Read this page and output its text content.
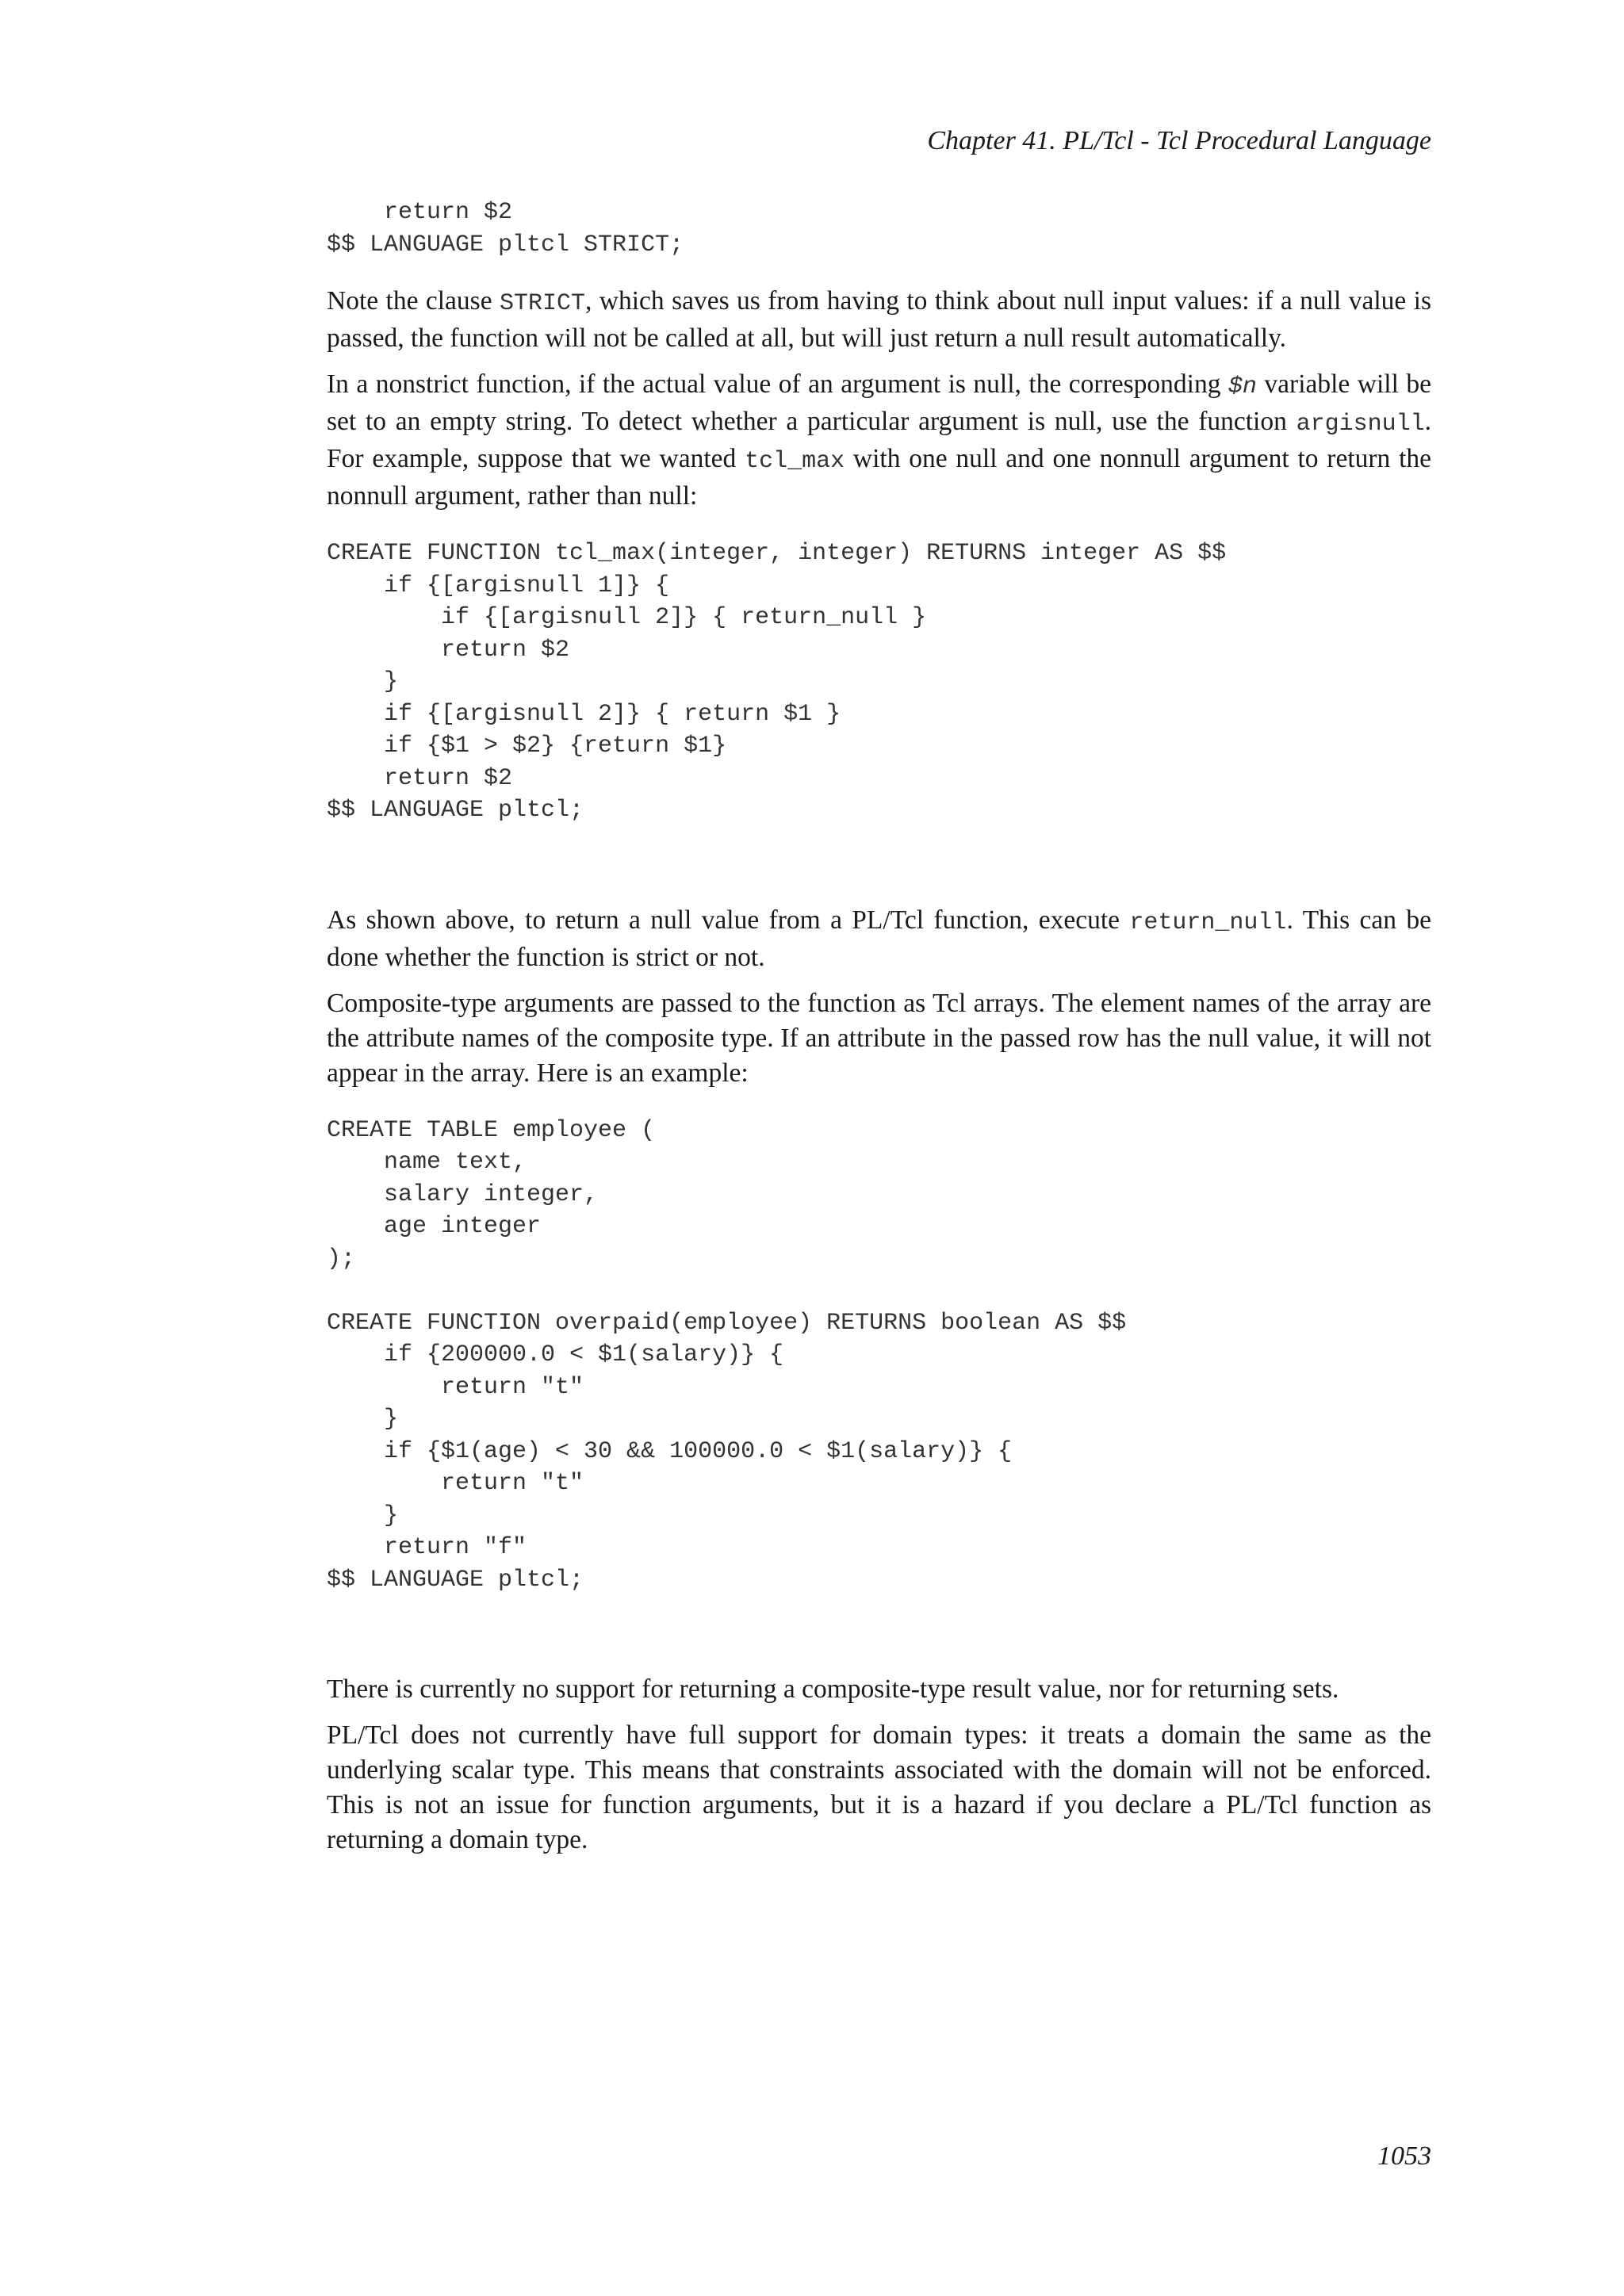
Chapter 41. PL/Tcl - Tcl Procedural Language
return $2
$$ LANGUAGE pltcl STRICT;

Note the clause STRICT, which saves us from having to think about null input values: if a null value is passed, the function will not be called at all, but will just return a null result automatically.

In a nonstrict function, if the actual value of an argument is null, the corresponding $n variable will be set to an empty string. To detect whether a particular argument is null, use the function argisnull. For example, suppose that we wanted tcl_max with one null and one nonnull argument to return the nonnull argument, rather than null:

CREATE FUNCTION tcl_max(integer, integer) RETURNS integer AS $$
if {[argisnull 1]} {
if {[argisnull 2]} { return_null }
return $2
}
if {[argisnull 2]} { return $1 }
if {$1 > $2} {return $1}
return $2
$$ LANGUAGE pltcl;

As shown above, to return a null value from a PL/Tcl function, execute return_null. This can be done whether the function is strict or not.

Composite-type arguments are passed to the function as Tcl arrays. The element names of the array are the attribute names of the composite type. If an attribute in the passed row has the null value, it will not appear in the array. Here is an example:

CREATE TABLE employee (
name text,
salary integer,
age integer
);

CREATE FUNCTION overpaid(employee) RETURNS boolean AS $$
if {200000.0 < $1(salary)} {
return "t"
}
if {$1(age) < 30 && 100000.0 < $1(salary)} {
return "t"
}
return "f"
$$ LANGUAGE pltcl;

There is currently no support for returning a composite-type result value, nor for returning sets.

PL/Tcl does not currently have full support for domain types: it treats a domain the same as the underlying scalar type. This means that constraints associated with the domain will not be enforced. This is not an issue for function arguments, but it is a hazard if you declare a PL/Tcl function as returning a domain type.

1053
